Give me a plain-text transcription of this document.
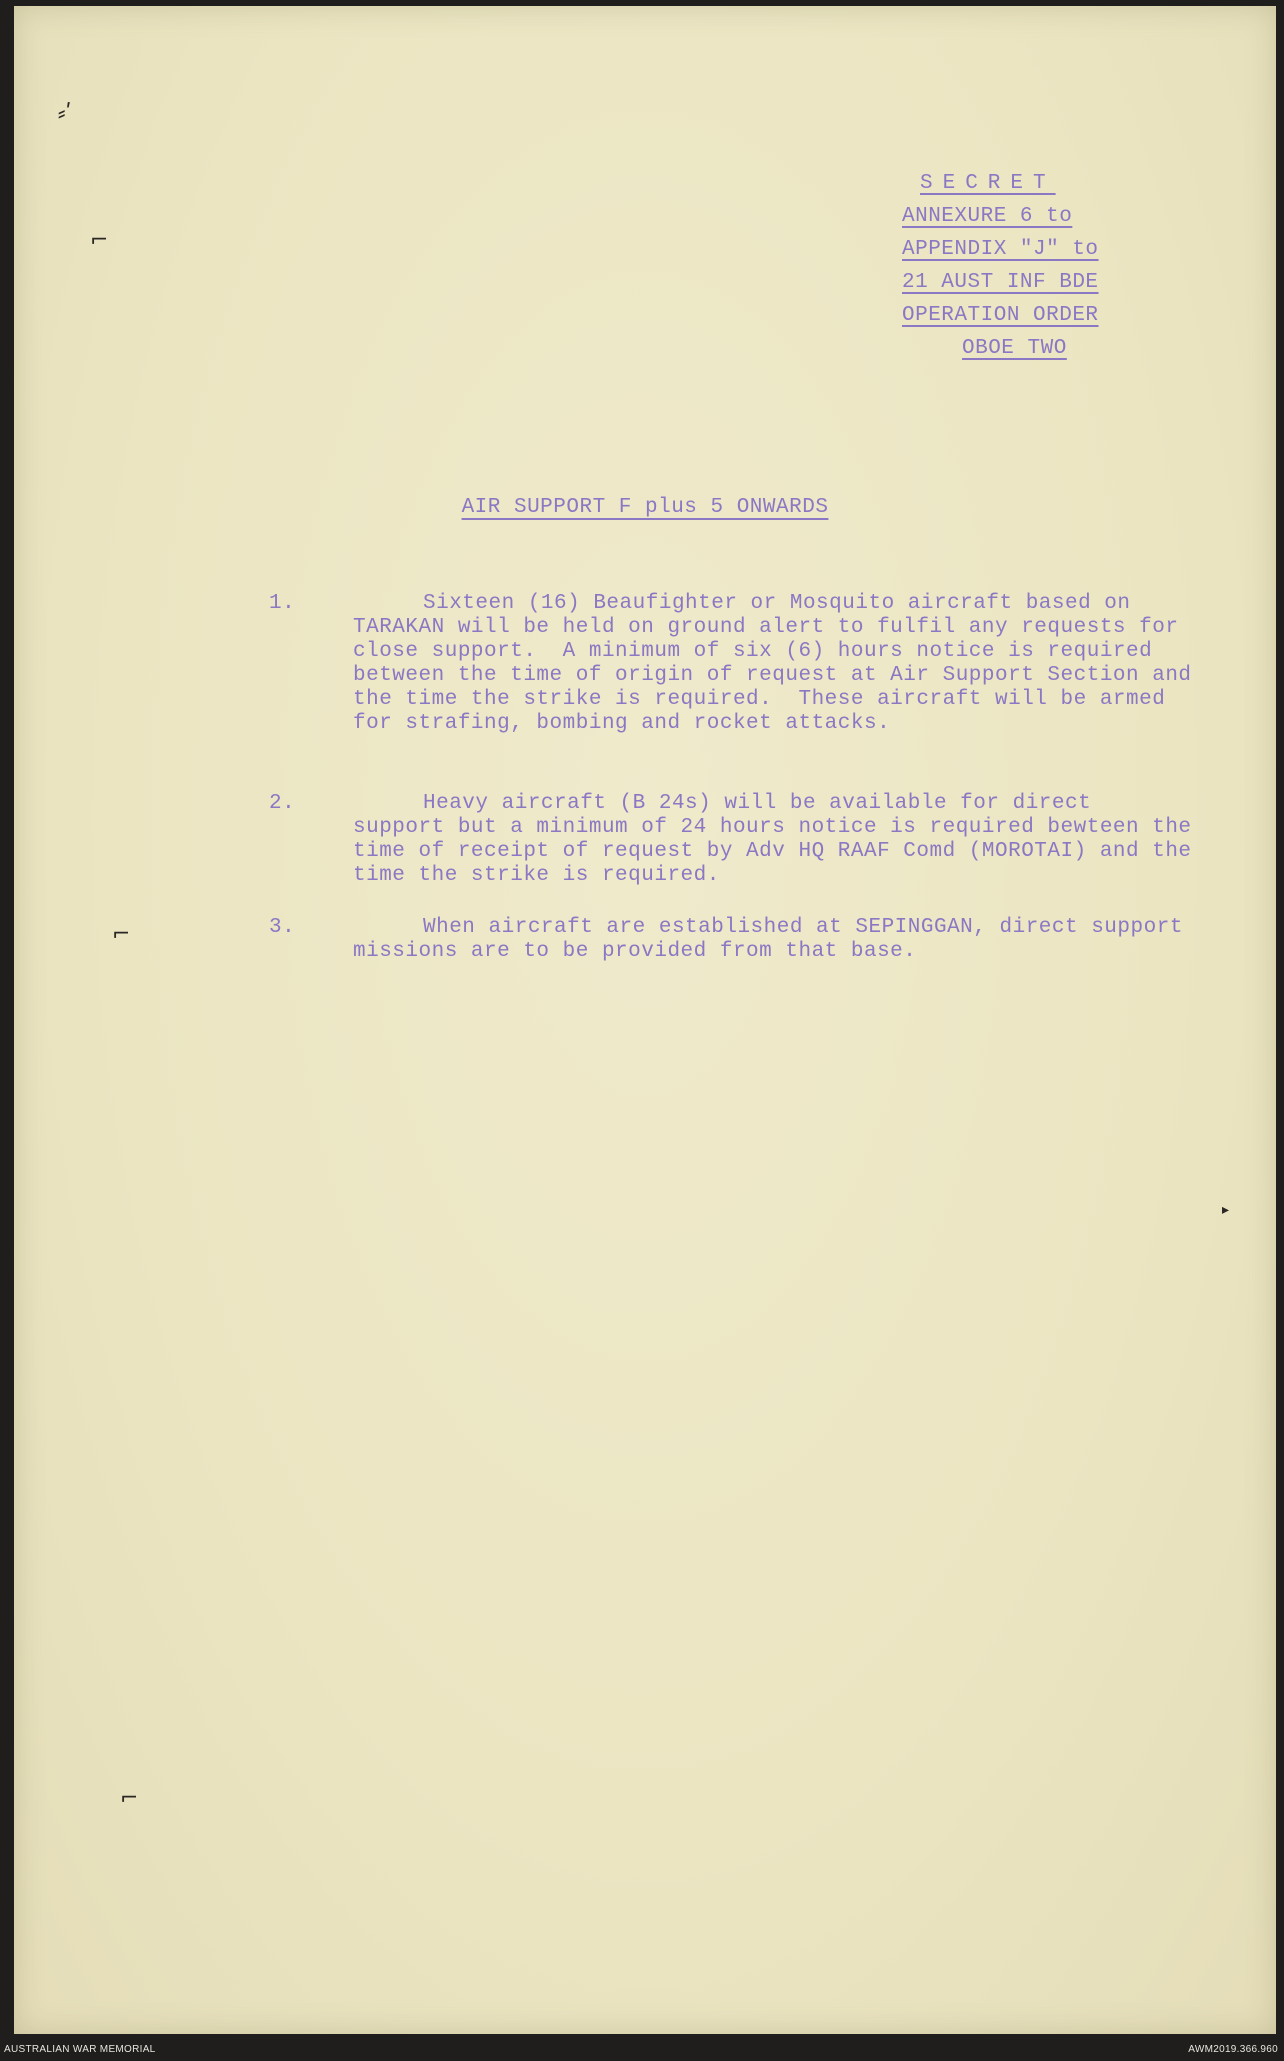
⸗ʹ
⌐
⌐
⌐
▸
SECRET
ANNEXURE 6 to
APPENDIX "J" to
21 AUST INF BDE
OPERATION ORDER
OBOE TWO
AIR SUPPORT F plus 5 ONWARDS
1.	Sixteen (16) Beaufighter or Mosquito aircraft based on TARAKAN will be held on ground alert to fulfil any requests for close support.  A minimum of six (6) hours notice is required between the time of origin of request at Air Support Section and the time the strike is required.  These aircraft will be armed for strafing, bombing and rocket attacks.
2.	Heavy aircraft (B 24s) will be available for direct support but a minimum of 24 hours notice is required bewteen the time of receipt of request by Adv HQ RAAF Comd (MOROTAI) and the time the strike is required.
3.	When aircraft are established at SEPINGGAN, direct support missions are to be provided from that base.
AUSTRALIAN WAR MEMORIAL	AWM2019.366.960
